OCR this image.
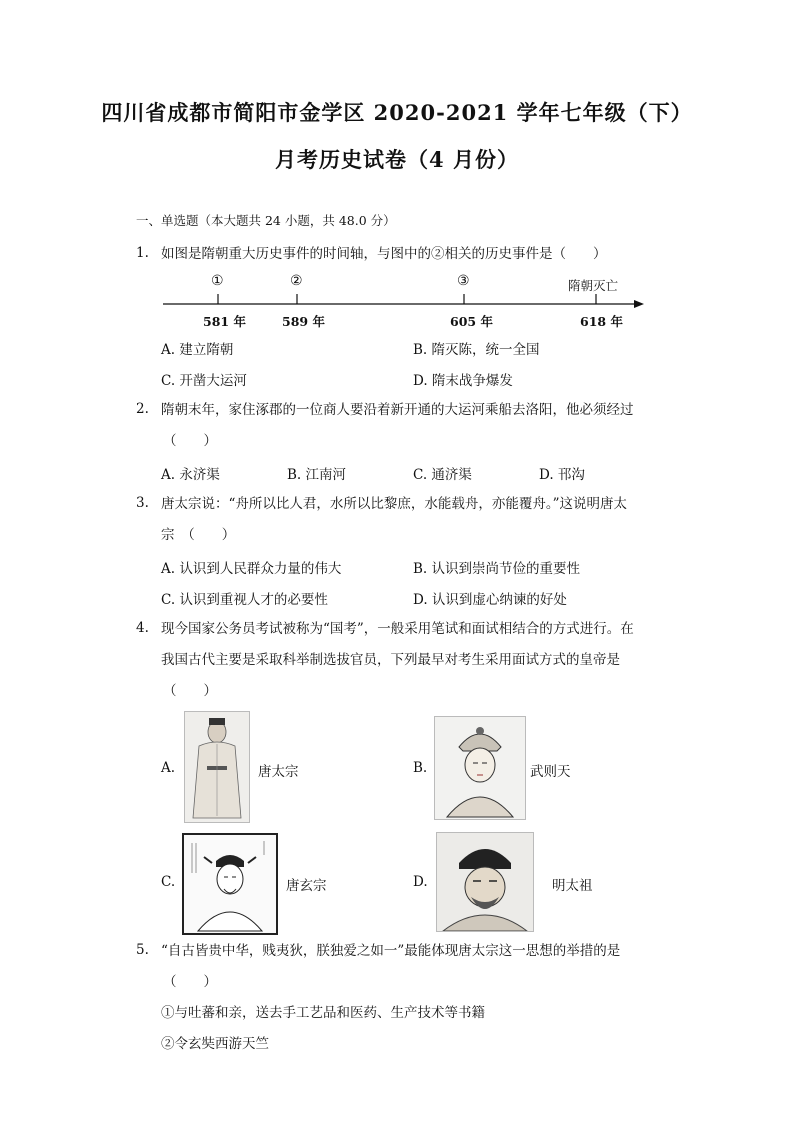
四川省成都市简阳市金学区 2020-2021 学年七年级（下）
月考历史试卷（4 月份）
一、单选题（本大题共 24 小题，共 48.0 分）
1. 如图是隋朝重大历史事件的时间轴，与图中的②相关的历史事件是（　　）
①	②	③	隋朝灭亡
581 年	589 年	605 年	618 年
A. 建立隋朝	B. 隋灭陈，统一全国
C. 开凿大运河	D. 隋末战争爆发
2. 隋朝末年，家住涿郡的一位商人要沿着新开通的大运河乘船去洛阳，他必须经过
（　　）
A. 永济渠	B. 江南河	C. 通济渠	D. 邗沟
3. 唐太宗说：“舟所以比人君，水所以比黎庶，水能载舟，亦能覆舟。”这说明唐太
宗　（　　）
A. 认识到人民群众力量的伟大	B. 认识到崇尚节俭的重要性
C. 认识到重视人才的必要性	D. 认识到虚心纳谏的好处
4. 现今国家公务员考试被称为“国考”，一般采用笔试和面试相结合的方式进行。在
我国古代主要是采取科举制选拔官员，下列最早对考生采用面试方式的皇帝是
（　　）
A.	唐太宗	B.	武则天
C.	唐玄宗	D.	明太祖
5. “自古皆贵中华，贱夷狄，朕独爱之如一”最能体现唐太宗这一思想的举措的是
（　　）
①与吐蕃和亲，送去手工艺品和医药、生产技术等书籍
②令玄奘西游天竺
